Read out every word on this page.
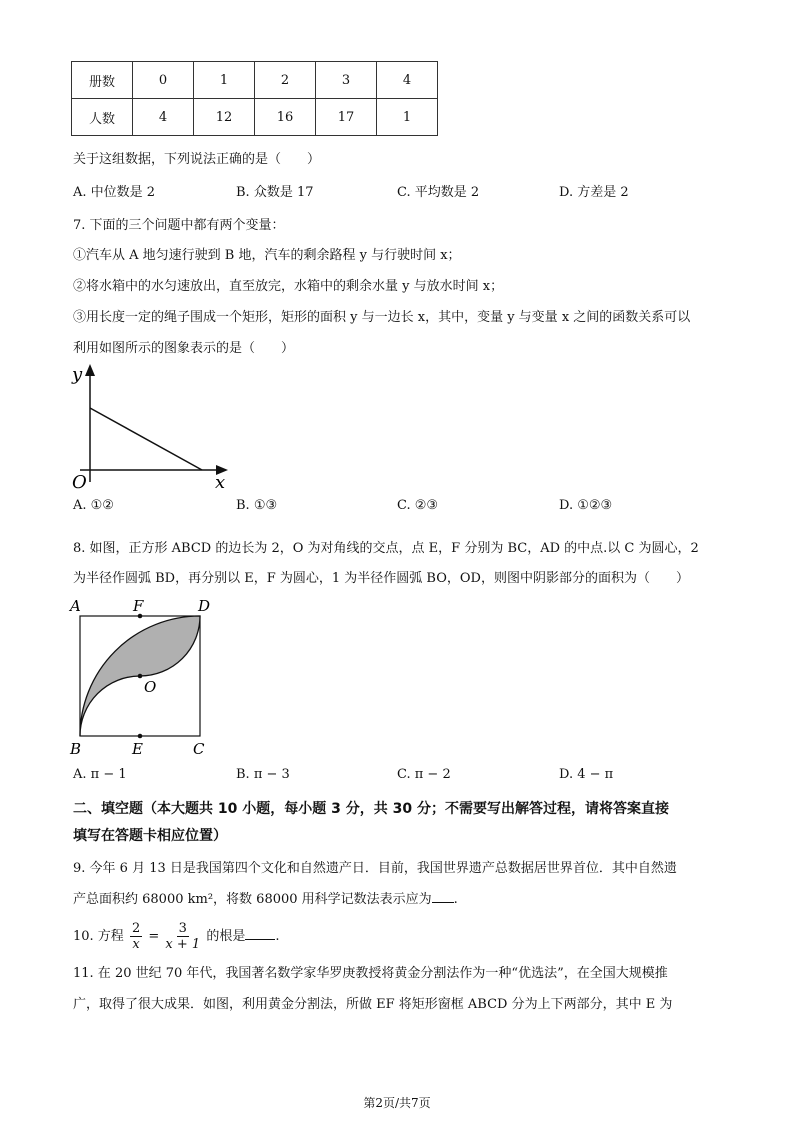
册数	0	1	2	3	4
人数	4	12	16	17	1
关于这组数据，下列说法正确的是（　　）
A. 中位数是 2	B. 众数是 17	C. 平均数是 2	D. 方差是 2
7. 下面的三个问题中都有两个变量：
①汽车从 A 地匀速行驶到 B 地，汽车的剩余路程 y 与行驶时间 x；
②将水箱中的水匀速放出，直至放完，水箱中的剩余水量 y 与放水时间 x；
③用长度一定的绳子围成一个矩形，矩形的面积 y 与一边长 x，其中，变量 y 与变量 x 之间的函数关系可以
利用如图所示的图象表示的是（　　）
y
x
O
A. ①②	B. ①③	C. ②③	D. ①②③
8. 如图，正方形 ABCD 的边长为 2，O 为对角线的交点，点 E，F 分别为 BC，AD 的中点.以 C 为圆心，2
为半径作圆弧 BD，再分别以 E，F 为圆心，1 为半径作圆弧 BO，OD，则图中阴影部分的面积为（　　）
A	F	D
O
B	E	C
A. π − 1	B. π − 3	C. π − 2	D. 4 − π
二、填空题（本大题共 10 小题，每小题 3 分，共 30 分；不需要写出解答过程，请将答案直接
填写在答题卡相应位置）
9. 今年 6 月 13 日是我国第四个文化和自然遗产日．目前，我国世界遗产总数据居世界首位．其中自然遗
产总面积约 68000 km²，将数 68000 用科学记数法表示应为 .
10. 方程 $\frac{2}{x} = \frac{3}{x + 1}$ 的根是 .
11. 在 20 世纪 70 年代，我国著名数学家华罗庚教授将黄金分割法作为一种“优选法”，在全国大规模推
广，取得了很大成果．如图，利用黄金分割法，所做 EF 将矩形窗框 ABCD 分为上下两部分，其中 E 为
第2页/共7页
